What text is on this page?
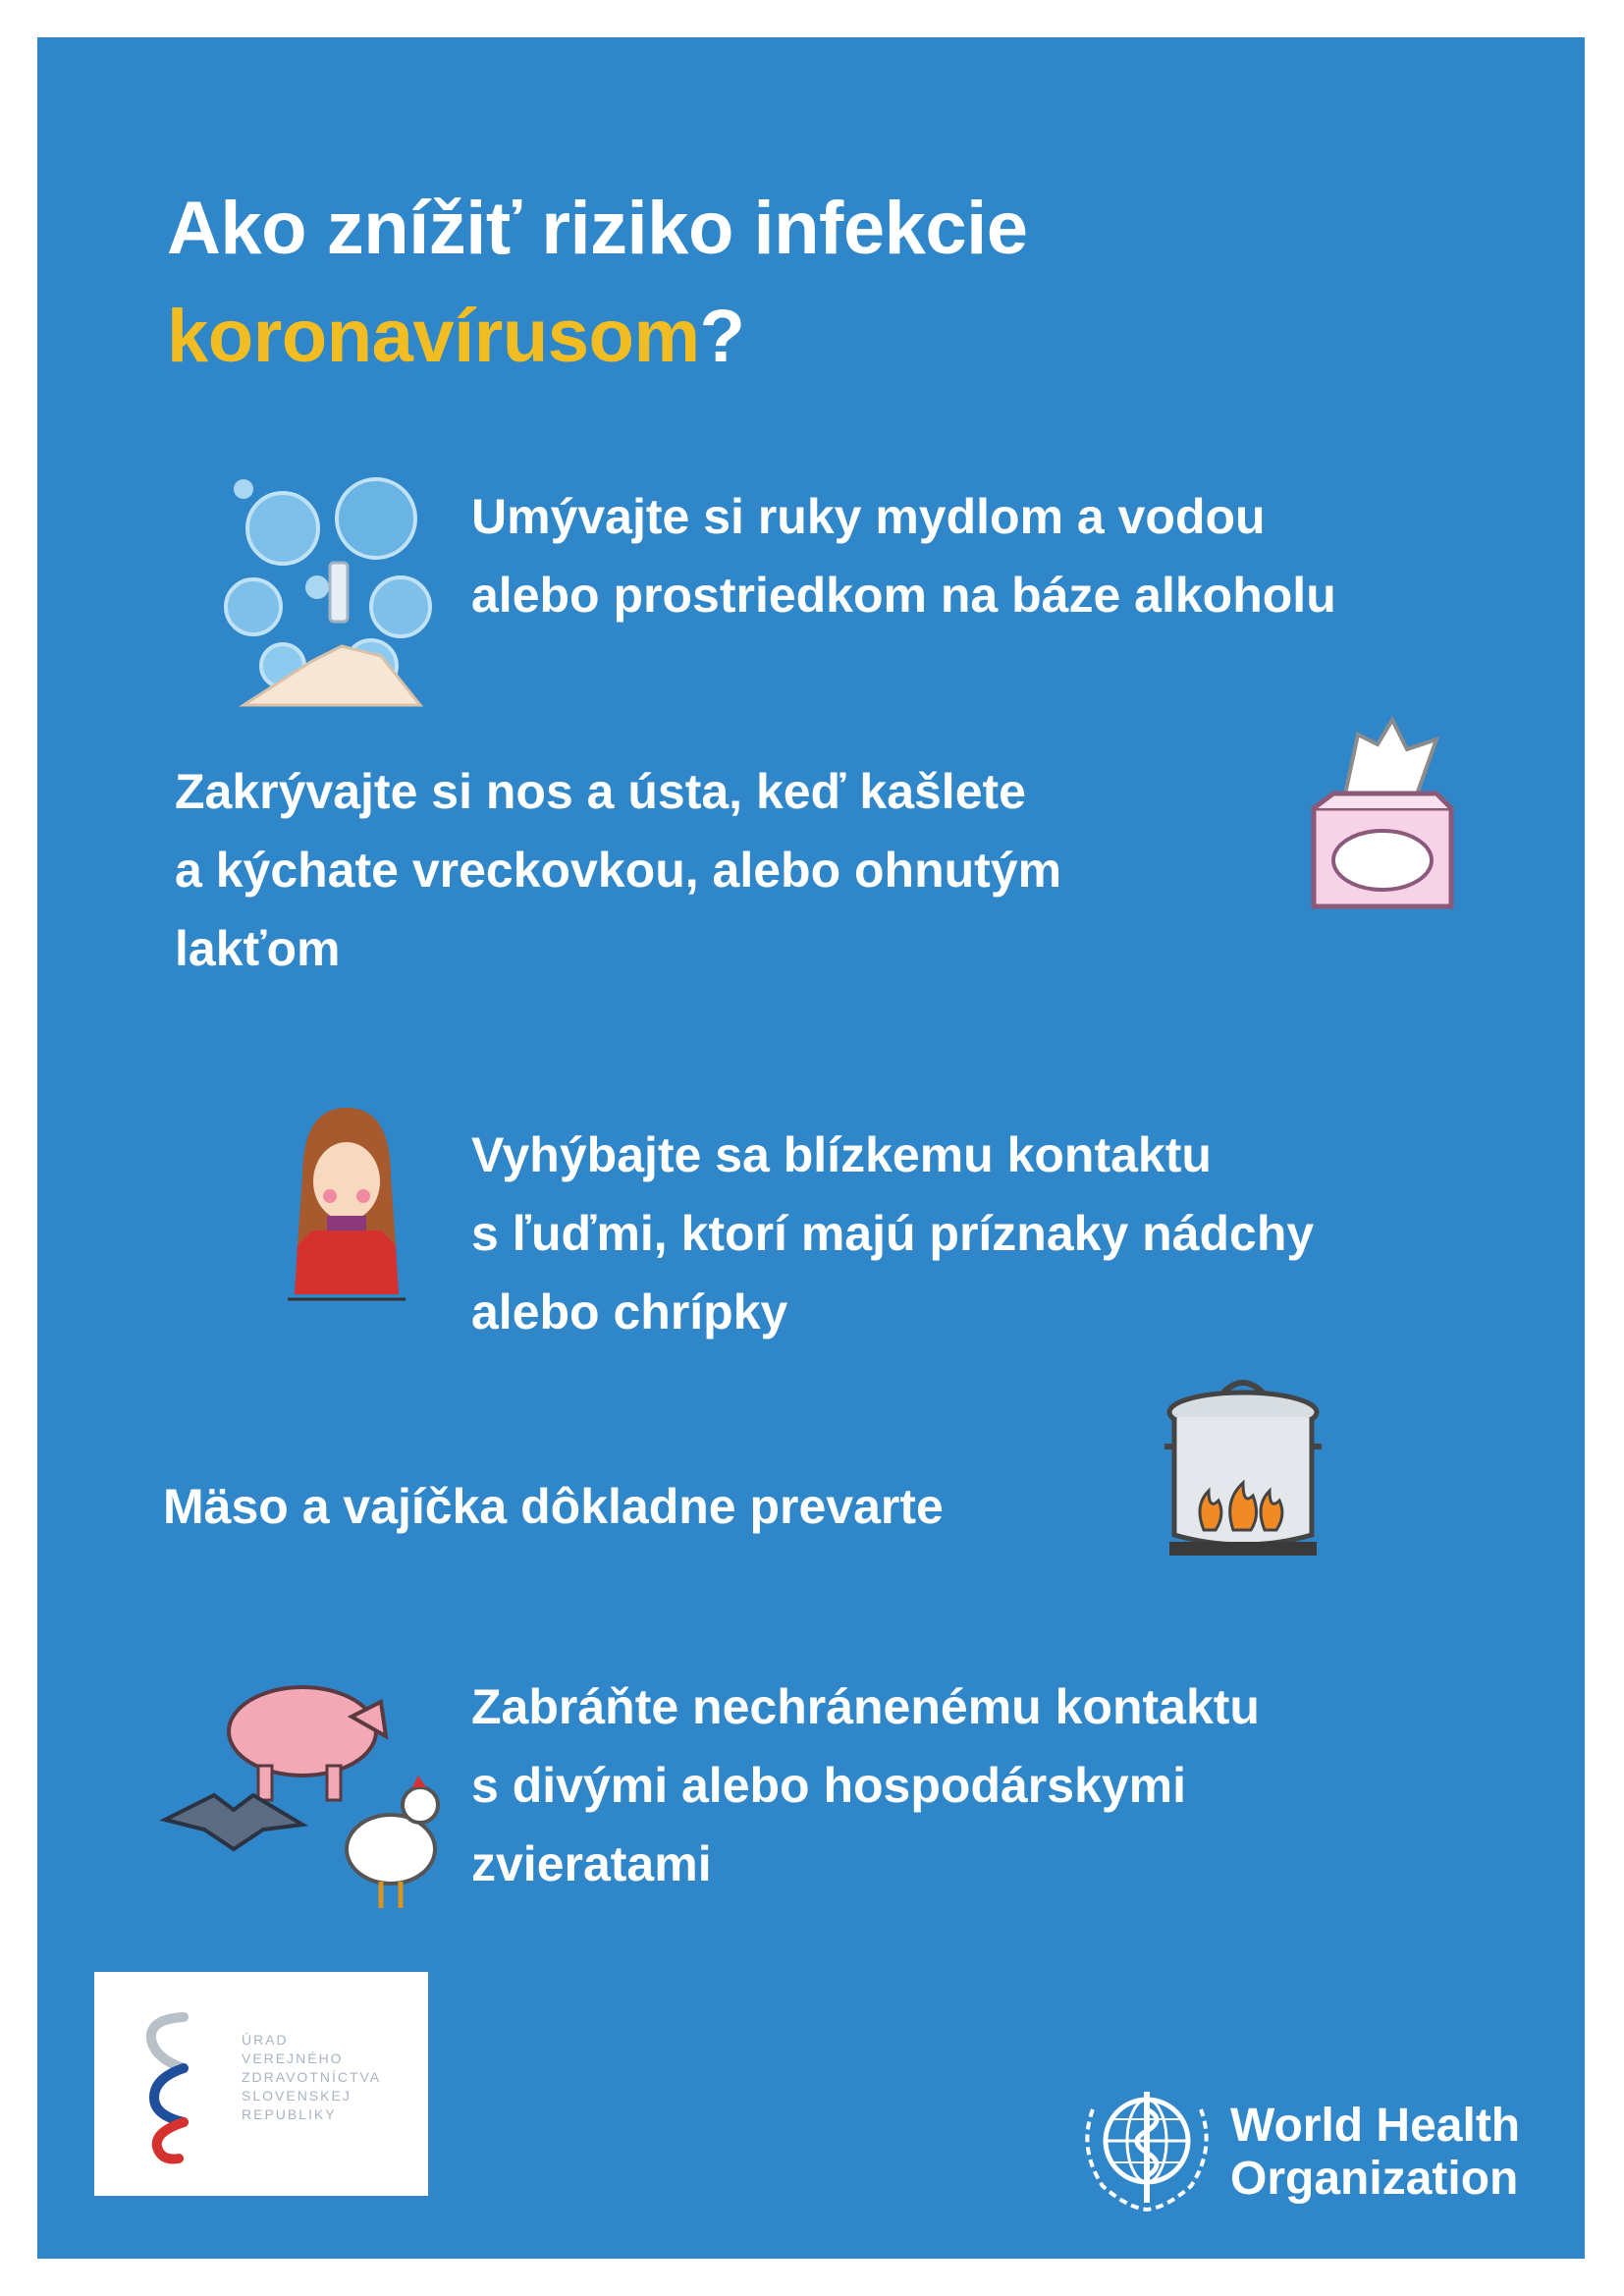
Ako znížiť riziko infekcie
koronavírusom?
Umývajte si ruky mydlom a vodou
alebo prostriedkom na báze alkoholu
Zakrývajte si nos a ústa, keď kašlete
a kýchate vreckovkou, alebo ohnutým
lakťom
Vyhýbajte sa blízkemu kontaktu
s ľuďmi, ktorí majú príznaky nádchy
alebo chrípky
Mäso a vajíčka dôkladne prevarte
Zabráňte nechránenému kontaktu
s divými alebo hospodárskymi
zvieratami
ÚRAD
VEREJNÉHO
ZDRAVOTNÍCTVA
SLOVENSKEJ
REPUBLIKY	World Health
Organization
